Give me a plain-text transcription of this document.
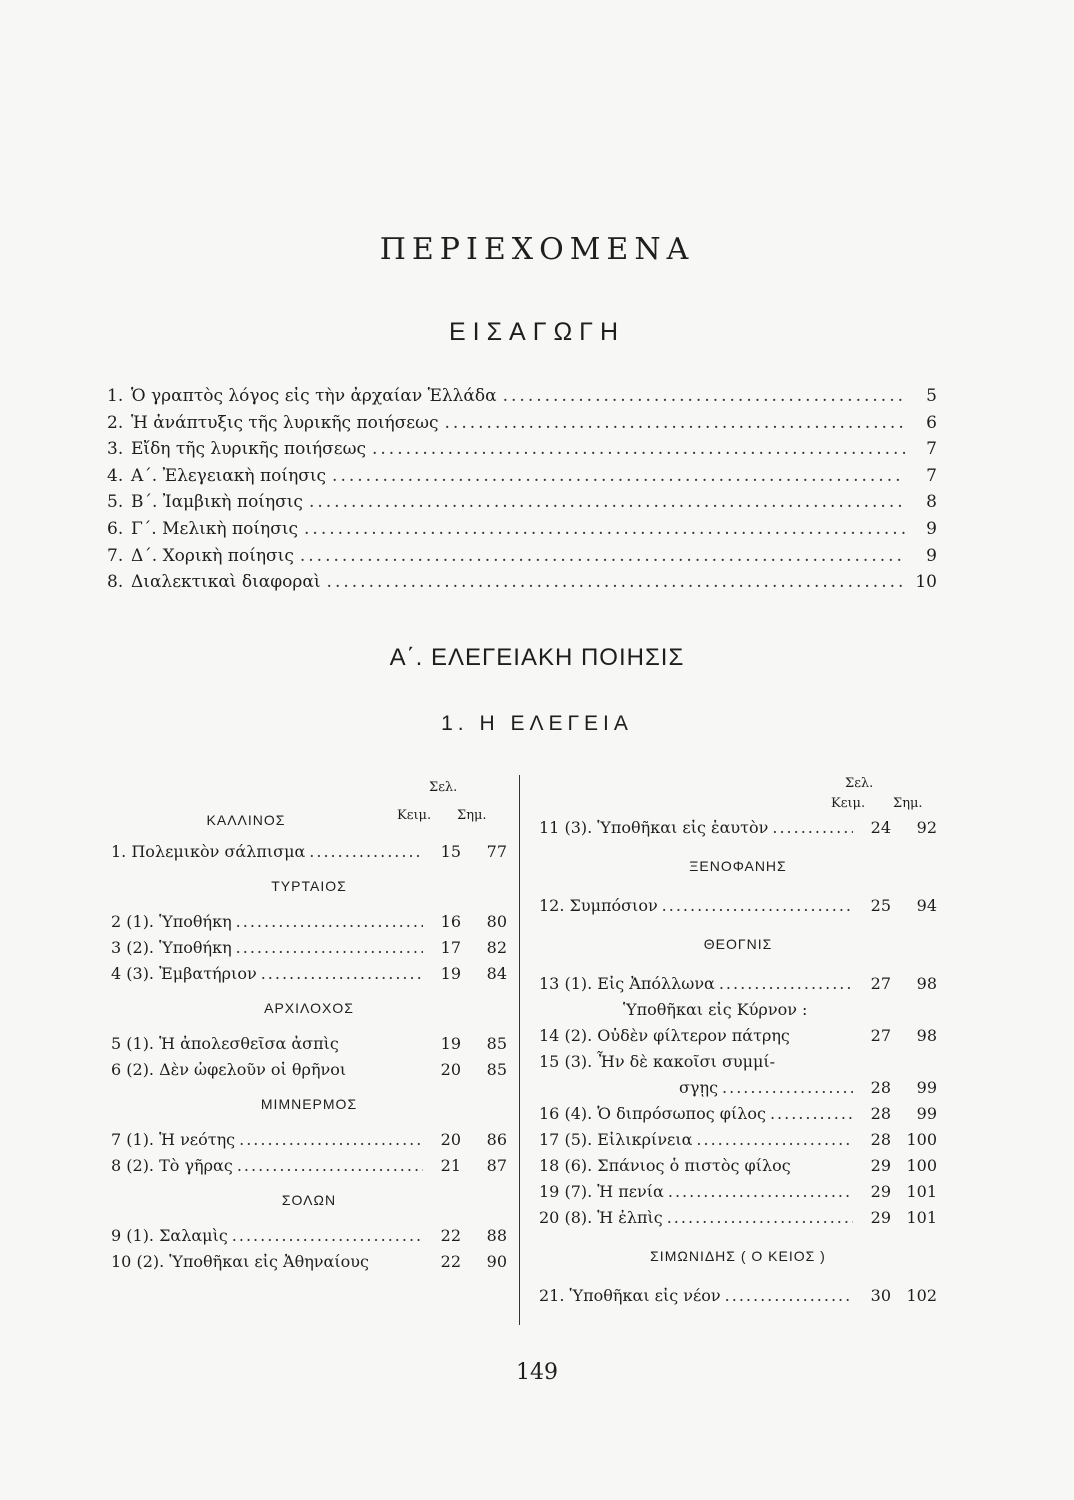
ΠΕΡΙΕΧΟΜΕΝΑ
ΕΙΣΑΓΩΓΗ
1. Ὁ γραπτὸς λόγος εἰς τὴν ἀρχαίαν Ἑλλάδα .....	5
2. Ἡ ἀνάπτυξις τῆς λυρικῆς ποιήσεως .....	6
3. Εἴδη τῆς λυρικῆς ποιήσεως .....	7
4. Α΄. Ἐλεγειακὴ ποίησις .....	7
5. Β΄. Ἰαμβικὴ ποίησις .....	8
6. Γ΄. Μελικὴ ποίησις .....	9
7. Δ΄. Χορικὴ ποίησις .....	9
8. Διαλεκτικαὶ διαφοραὶ .....	10
Α΄. ΕΛΕΓΕΙΑΚΗ ΠΟΙΗΣΙΣ
1. Η ΕΛΕΓΕΙΑ
Σελ.
ΚΑΛΛΙΝΟΣ	Κειμ. Σημ.
1. Πολεμικὸν σάλπισμα .....	15	77
ΤΥΡΤΑΙΟΣ
2 (1). Ὑποθήκη .....	16	80
3 (2). Ὑποθήκη .....	17	82
4 (3). Ἐμβατήριον .....	19	84
ΑΡΧΙΛΟΧΟΣ
5 (1). Ἡ ἀπολεσθεῖσα ἀσπὶς	19	85
6 (2). Δὲν ὠφελοῦν οἱ θρῆνοι	20	85
ΜΙΜΝΕΡΜΟΣ
7 (1). Ἡ νεότης .....	20	86
8 (2). Τὸ γῆρας .....	21	87
ΣΟΛΩΝ
9 (1). Σαλαμὶς .....	22	88
10 (2). Ὑποθῆκαι εἰς Ἀθηναίους	22	90
Σελ.
Κειμ. Σημ.
11 (3). Ὑποθῆκαι εἰς ἑαυτὸν .....	24	92
ΞΕΝΟΦΑΝΗΣ
12. Συμπόσιον .....	25	94
ΘΕΟΓΝΙΣ
13 (1). Εἰς Ἀπόλλωνα .....	27	98
Ὑποθῆκαι εἰς Κύρνον :
14 (2). Οὐδὲν φίλτερον πάτρης	27	98
15 (3). Ἦν δὲ κακοῖσι συμμί-
σγῃς .....	28	99
16 (4). Ὁ διπρόσωπος φίλος .....	28	99
17 (5). Εἰλικρίνεια .....	28 100
18 (6). Σπάνιος ὁ πιστὸς φίλος	29 100
19 (7). Ἡ πενία .....	29 101
20 (8). Ἡ ἐλπὶς .....	29 101
ΣΙΜΩΝΙΔΗΣ ( Ο ΚΕΙΟΣ )
21. Ὑποθῆκαι εἰς νέον .....	30 102
149
